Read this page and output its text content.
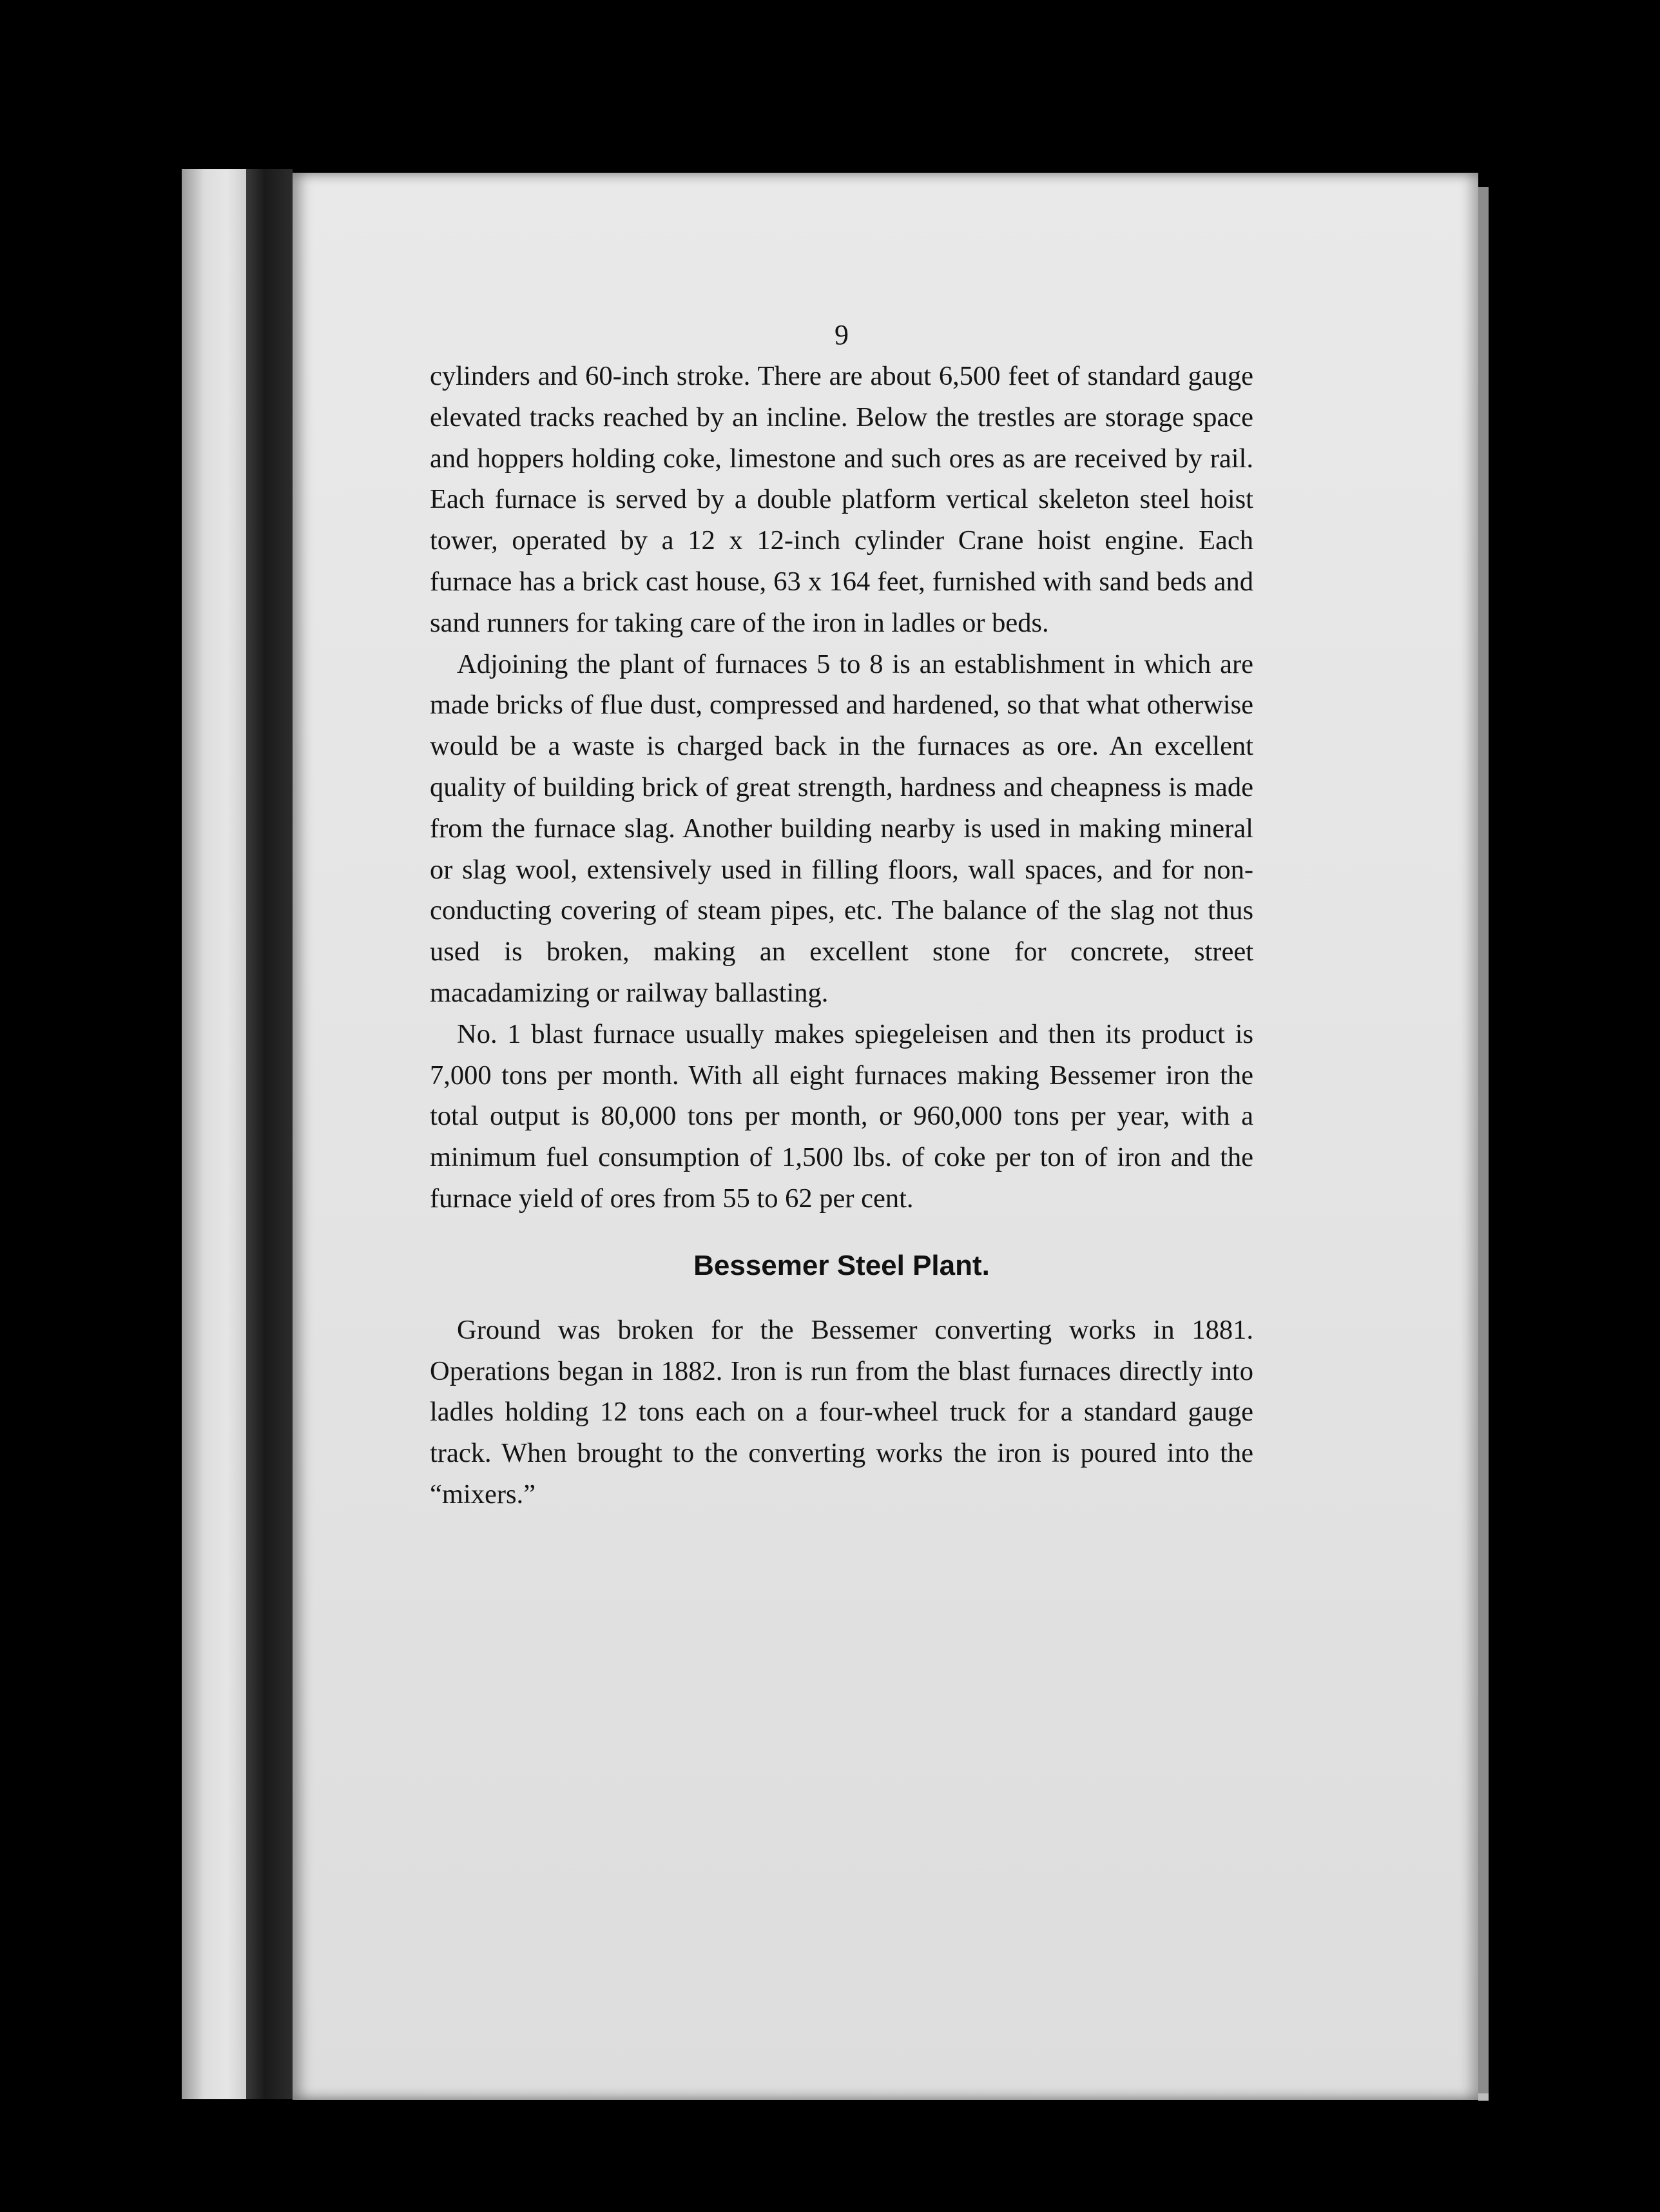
9

cylinders and 60-inch stroke. There are about 6,500 feet of standard gauge elevated tracks reached by an incline. Below the trestles are storage space and hoppers holding coke, limestone and such ores as are received by rail. Each furnace is served by a double platform vertical skeleton steel hoist tower, operated by a 12 x 12-inch cylinder Crane hoist engine. Each furnace has a brick cast house, 63 x 164 feet, furnished with sand beds and sand runners for taking care of the iron in ladles or beds.

Adjoining the plant of furnaces 5 to 8 is an establishment in which are made bricks of flue dust, compressed and hardened, so that what otherwise would be a waste is charged back in the furnaces as ore. An excellent quality of building brick of great strength, hardness and cheapness is made from the furnace slag. Another building nearby is used in making mineral or slag wool, extensively used in filling floors, wall spaces, and for non-conducting covering of steam pipes, etc. The balance of the slag not thus used is broken, making an excellent stone for concrete, street macadamizing or railway ballasting.

No. 1 blast furnace usually makes spiegeleisen and then its product is 7,000 tons per month. With all eight furnaces making Bessemer iron the total output is 80,000 tons per month, or 960,000 tons per year, with a minimum fuel consumption of 1,500 lbs. of coke per ton of iron and the furnace yield of ores from 55 to 62 per cent.

Bessemer Steel Plant.

Ground was broken for the Bessemer converting works in 1881. Operations began in 1882. Iron is run from the blast furnaces directly into ladles holding 12 tons each on a four-wheel truck for a standard gauge track. When brought to the converting works the iron is poured into the “mixers.”
